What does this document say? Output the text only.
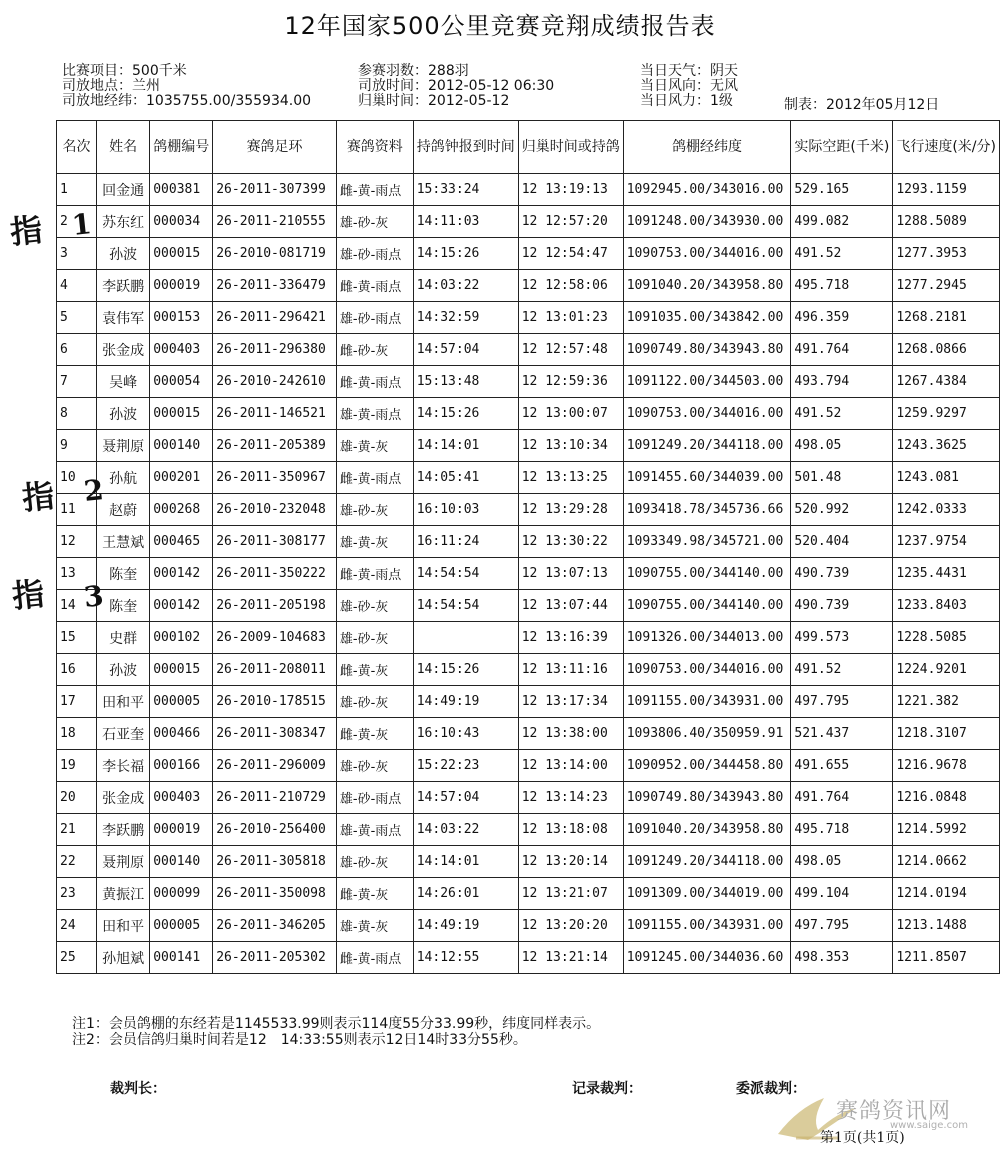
12年国家500公里竞赛竞翔成绩报告表
比赛项目：500千米
司放地点：兰州
司放地经纬：1035755.00/355934.00
参赛羽数：288羽
司放时间：2012-05-12 06:30
归巢时间：2012-05-12
当日天气：阴天
当日风向：无风
当日风力：1级	制表：2012年05月12日
名次	姓名	鸽棚编号	赛鸽足环	赛鸽资料	持鸽钟报到时间	归巢时间或持鸽	鸽棚经纬度	实际空距(千米)	飞行速度(米/分)
1	回金通	000381	26-2011-307399	雌-黄-雨点	15:33:24	12 13:19:13	1092945.00/343016.00	529.165	1293.1159
2	苏东红	000034	26-2011-210555	雄-砂-灰	14:11:03	12 12:57:20	1091248.00/343930.00	499.082	1288.5089
3	孙波	000015	26-2010-081719	雄-砂-雨点	14:15:26	12 12:54:47	1090753.00/344016.00	491.52	1277.3953
4	李跃鹏	000019	26-2011-336479	雌-黄-雨点	14:03:22	12 12:58:06	1091040.20/343958.80	495.718	1277.2945
5	袁伟军	000153	26-2011-296421	雄-砂-雨点	14:32:59	12 13:01:23	1091035.00/343842.00	496.359	1268.2181
6	张金成	000403	26-2011-296380	雌-砂-灰	14:57:04	12 12:57:48	1090749.80/343943.80	491.764	1268.0866
7	吴峰	000054	26-2010-242610	雌-黄-雨点	15:13:48	12 12:59:36	1091122.00/344503.00	493.794	1267.4384
8	孙波	000015	26-2011-146521	雄-黄-雨点	14:15:26	12 13:00:07	1090753.00/344016.00	491.52	1259.9297
9	聂荆原	000140	26-2011-205389	雄-黄-灰	14:14:01	12 13:10:34	1091249.20/344118.00	498.05	1243.3625
10	孙航	000201	26-2011-350967	雌-黄-雨点	14:05:41	12 13:13:25	1091455.60/344039.00	501.48	1243.081
11	赵蔚	000268	26-2010-232048	雄-砂-灰	16:10:03	12 13:29:28	1093418.78/345736.66	520.992	1242.0333
12	王慧斌	000465	26-2011-308177	雄-黄-灰	16:11:24	12 13:30:22	1093349.98/345721.00	520.404	1237.9754
13	陈奎	000142	26-2011-350222	雌-黄-雨点	14:54:54	12 13:07:13	1090755.00/344140.00	490.739	1235.4431
14	陈奎	000142	26-2011-205198	雄-砂-灰	14:54:54	12 13:07:44	1090755.00/344140.00	490.739	1233.8403
15	史群	000102	26-2009-104683	雄-砂-灰		12 13:16:39	1091326.00/344013.00	499.573	1228.5085
16	孙波	000015	26-2011-208011	雌-黄-灰	14:15:26	12 13:11:16	1090753.00/344016.00	491.52	1224.9201
17	田和平	000005	26-2010-178515	雄-砂-灰	14:49:19	12 13:17:34	1091155.00/343931.00	497.795	1221.382
18	石亚奎	000466	26-2011-308347	雌-黄-灰	16:10:43	12 13:38:00	1093806.40/350959.91	521.437	1218.3107
19	李长福	000166	26-2011-296009	雄-砂-灰	15:22:23	12 13:14:00	1090952.00/344458.80	491.655	1216.9678
20	张金成	000403	26-2011-210729	雄-砂-雨点	14:57:04	12 13:14:23	1090749.80/343943.80	491.764	1216.0848
21	李跃鹏	000019	26-2010-256400	雄-黄-雨点	14:03:22	12 13:18:08	1091040.20/343958.80	495.718	1214.5992
22	聂荆原	000140	26-2011-305818	雄-砂-灰	14:14:01	12 13:20:14	1091249.20/344118.00	498.05	1214.0662
23	黄振江	000099	26-2011-350098	雌-黄-灰	14:26:01	12 13:21:07	1091309.00/344019.00	499.104	1214.0194
24	田和平	000005	26-2011-346205	雄-黄-灰	14:49:19	12 13:20:20	1091155.00/343931.00	497.795	1213.1488
25	孙旭斌	000141	26-2011-205302	雌-黄-雨点	14:12:55	12 13:21:14	1091245.00/344036.60	498.353	1211.8507
指 1
指 2
指 3
注1：会员鸽棚的东经若是1145533.99则表示114度55分33.99秒，纬度同样表示。
注2：会员信鸽归巢时间若是12　14:33:55则表示12日14时33分55秒。
裁判长：	记录裁判：	委派裁判：
赛鸽资讯网
www.saige.com
第1页(共1页)
